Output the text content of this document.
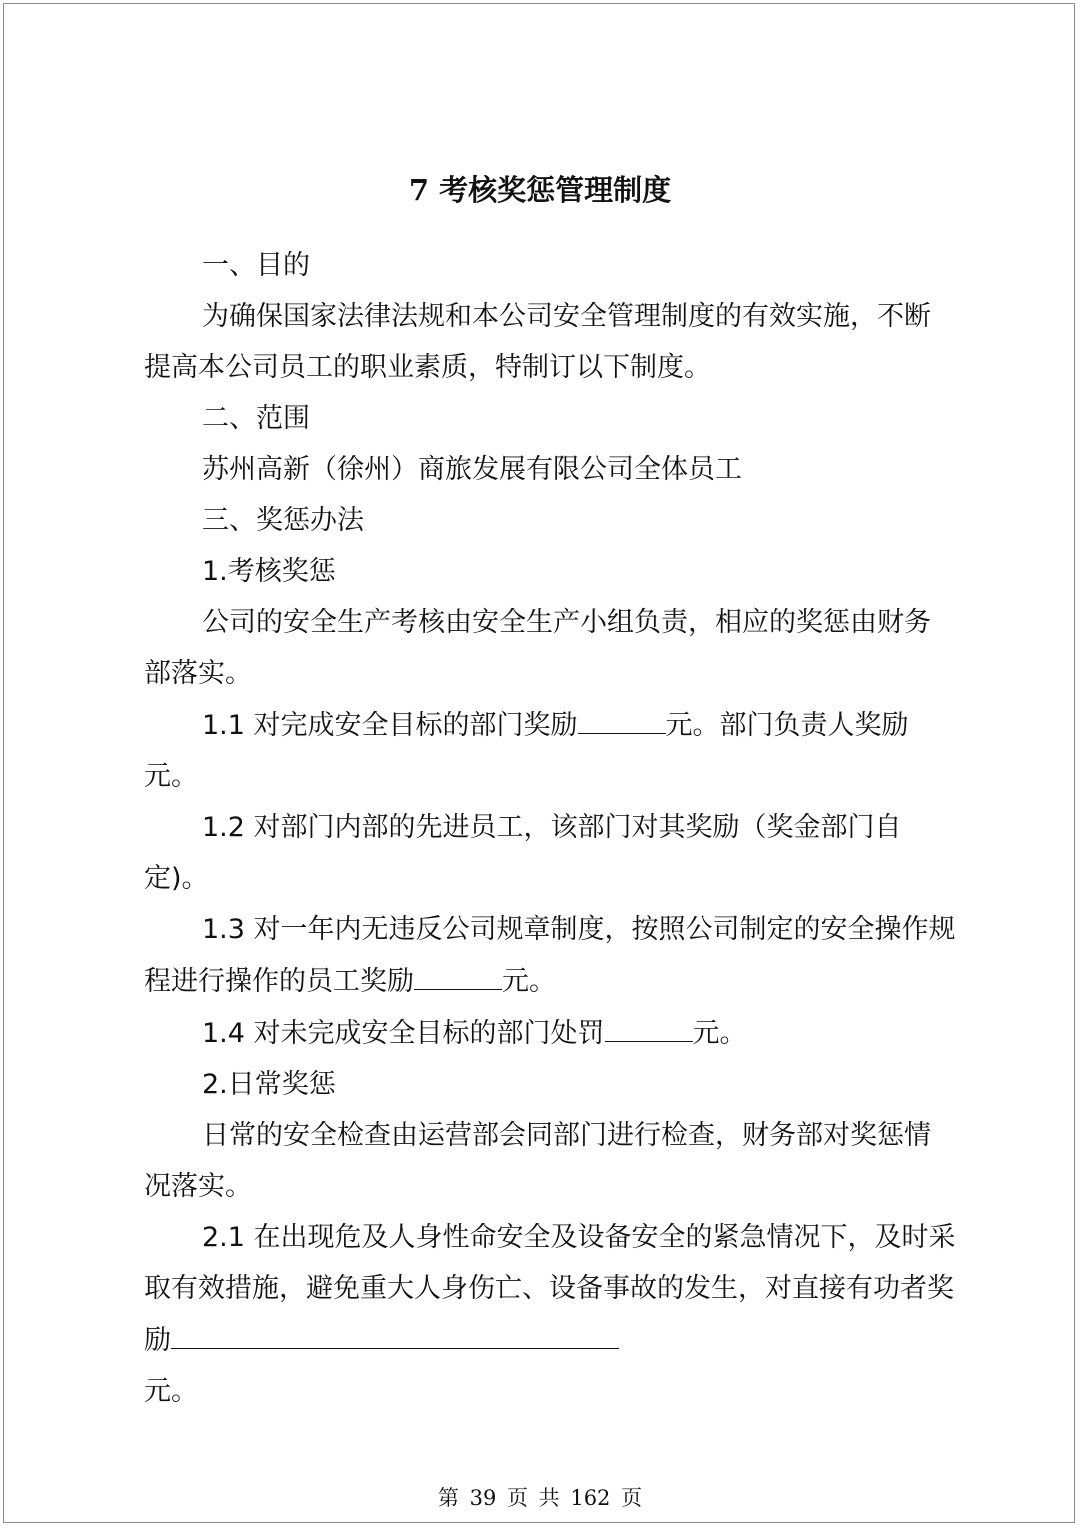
7 考核奖惩管理制度

一、目的

为确保国家法律法规和本公司安全管理制度的有效实施，不断提高本公司员工的职业素质，特制订以下制度。

二、范围

苏州高新（徐州）商旅发展有限公司全体员工

三、奖惩办法

1.考核奖惩

公司的安全生产考核由安全生产小组负责，相应的奖惩由财务部落实。

1.1 对完成安全目标的部门奖励	元。部门负责人奖励元。

1.2 对部门内部的先进员工，该部门对其奖励（奖金部门自定)。

1.3 对一年内无违反公司规章制度，按照公司制定的安全操作规程进行操作的员工奖励	元。

1.4 对未完成安全目标的部门处罚	元。

2.日常奖惩

日常的安全检查由运营部会同部门进行检查，财务部对奖惩情况落实。

2.1 在出现危及人身性命安全及设备安全的紧急情况下，及时采取有效措施，避免重大人身伤亡、设备事故的发生，对直接有功者奖励

元。

第 39 页 共 162 页
